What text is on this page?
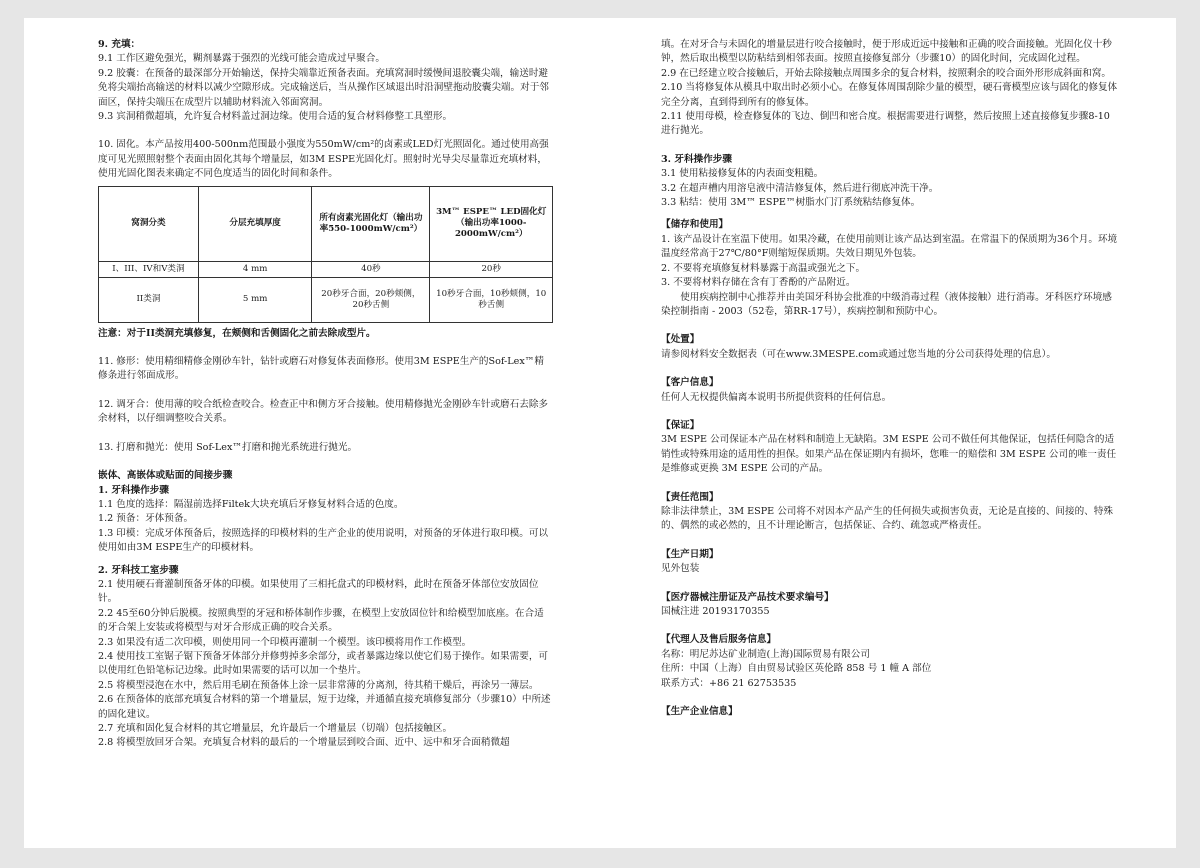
9. 充填：

9.1 工作区避免强光，糊剂暴露于强烈的光线可能会造成过早聚合。

9.2 胶囊：在预备的最深部分开始输送，保持尖端靠近预备表面。充填窝洞时缓慢间退胶囊尖端，输送时避免将尖端抬高输送的材料以减少空隙形成。完成输送后，当从操作区域退出时沿洞壁拖动胶囊尖端。对于邻面区，保持尖端压在成型片以辅助材料流入邻面窝洞。

9.3 宾洞稍微超填，允许复合材料盖过洞边缘。使用合适的复合材料修整工具塑形。

10. 固化。本产品按用400-500nm范围最小强度为550mW/cm²的卤素或LED灯光照固化。通过使用高强度可见光照照射整个表面由固化其每个增量层，如3M ESPE光固化灯。照射时光导尖尽量靠近充填材料，使用光固化图表来确定不同色度适当的固化时间和条件。

窝洞分类	分层充填厚度	所有卤素光固化灯（输出功率550-1000mW/cm²）	3M™ ESPE™ LED固化灯（输出功率1000-2000mW/cm²）
I、III、IV和V类洞	4 mm	40秒	20秒
II类洞	5 mm	20秒牙合面，20秒颊侧，20秒舌侧	10秒牙合面，10秒颊侧，10秒舌侧

注意：对于II类洞充填修复，在颊侧和舌侧固化之前去除成型片。

11. 修形：使用精细精修金刚砂车针，钻针或磨石对修复体表面修形。使用3M ESPE生产的Sof-Lex™精修条进行邻面成形。

12. 调牙合：使用薄的咬合纸检查咬合。检查正中和侧方牙合接触。使用精修抛光金刚砂车针或磨石去除多余材料，以仔细调整咬合关系。

13. 打磨和抛光：使用 Sof-Lex™打磨和抛光系统进行抛光。

嵌体、高嵌体或贴面的间接步骤

1. 牙科操作步骤

1.1 色度的选择：隔湿前选择Filtek大块充填后牙修复材料合适的色度。

1.2 预备：牙体预备。

1.3 印模：完成牙体预备后，按照选择的印模材料的生产企业的使用说明，对预备的牙体进行取印模。可以使用如由3M ESPE生产的印模材料。

2. 牙科技工室步骤

2.1 使用硬石膏灌制预备牙体的印模。如果使用了三相托盘式的印模材料，此时在预备牙体部位安放固位针。

2.2 45至60分钟后脱模。按照典型的牙冠和桥体制作步骤，在模型上安放固位针和给模型加底座。在合适的牙合架上安装或将模型与对牙合形成正确的咬合关系。

2.3 如果没有适二次印模，则使用同一个印模再灌制一个模型。该印模将用作工作模型。

2.4 使用技工室锯子锯下预备牙体部分并修剪掉多余部分，或者暴露边缘以使它们易于操作。如果需要，可以使用红色铅笔标记边缘。此时如果需要的话可以加一个垫片。

2.5 将模型浸泡在水中，然后用毛刷在预备体上涂一层非常薄的分离剂，待其稍干燥后，再涂另一薄层。

2.6 在预备体的底部充填复合材料的第一个增量层，短于边缘，并通循直接充填修复部分（步骤10）中所述的固化建议。

2.7 充填和固化复合材料的其它增量层，允许最后一个增量层（切端）包括接触区。

2.8 将模型放回牙合架。充填复合材料的最后的一个增量层到咬合面、近中、远中和牙合面稍微超

填。在对牙合与未固化的增量层进行咬合接触时，便于形成近远中接触和正确的咬合面接触。光固化仪十秒钟，然后取出模型以防粘结到相邻表面。按照直接修复部分（步骤10）的固化时间，完成固化过程。

2.9 在已经建立咬合接触后，开始去除接触点周围多余的复合材料，按照剩余的咬合面外形形成斜面和窝。

2.10 当将修复体从模具中取出时必须小心。在修复体周围刮除少量的模型，硬石膏模型应该与固化的修复体完全分离，直到得到所有的修复体。

2.11 使用母模，检查修复体的飞边、倒凹和密合度。根据需要进行调整，然后按照上述直接修复步骤8-10进行抛光。

3. 牙科操作步骤

3.1 使用粘接修复体的内表面变粗糙。

3.2 在超声槽内用溶皂液中清洁修复体，然后进行彻底冲洗干净。

3.3 粘结：使用 3M™ ESPE™树脂水门汀系统粘结修复体。

【储存和使用】

1. 该产品设计在室温下使用。如果冷藏，在使用前则让该产品达到室温。在常温下的保质期为36个月。环境温度经常高于27℃/80°F则缩短保质期。失效日期见外包装。

2. 不要将充填修复材料暴露于高温或强光之下。

3. 不要将材料存储在含有丁香酚的产品附近。

使用疾病控制中心推荐并由美国牙科协会批准的中级消毒过程（液体接触）进行消毒。牙科医疗环境感染控制指南 - 2003（52卷，第RR-17号），疾病控制和预防中心。

【处置】

请参阅材料安全数据表（可在www.3MESPE.com或通过您当地的分公司获得处理的信息）。

【客户信息】

任何人无权提供偏离本说明书所提供资料的任何信息。

【保证】

3M ESPE 公司保证本产品在材料和制造上无缺陷。3M ESPE 公司不做任何其他保证，包括任何隐含的适销性或特殊用途的适用性的担保。如果产品在保证期内有损坏，您唯一的赔偿和 3M ESPE 公司的唯一责任是维修或更换 3M ESPE 公司的产品。

【责任范围】

除非法律禁止，3M ESPE 公司将不对因本产品产生的任何损失或损害负责，无论是直接的、间接的、特殊的、偶然的或必然的，且不计理论断言，包括保证、合约、疏忽或严格责任。

【生产日期】

见外包装

【医疗器械注册证及产品技术要求编号】

国械注进 20193170355

【代理人及售后服务信息】

名称：明尼苏达矿业制造(上海)国际贸易有限公司

住所：中国（上海）自由贸易试验区英伦路 858 号 1 幢 A 部位

联系方式：+86 21 62753535

【生产企业信息】
